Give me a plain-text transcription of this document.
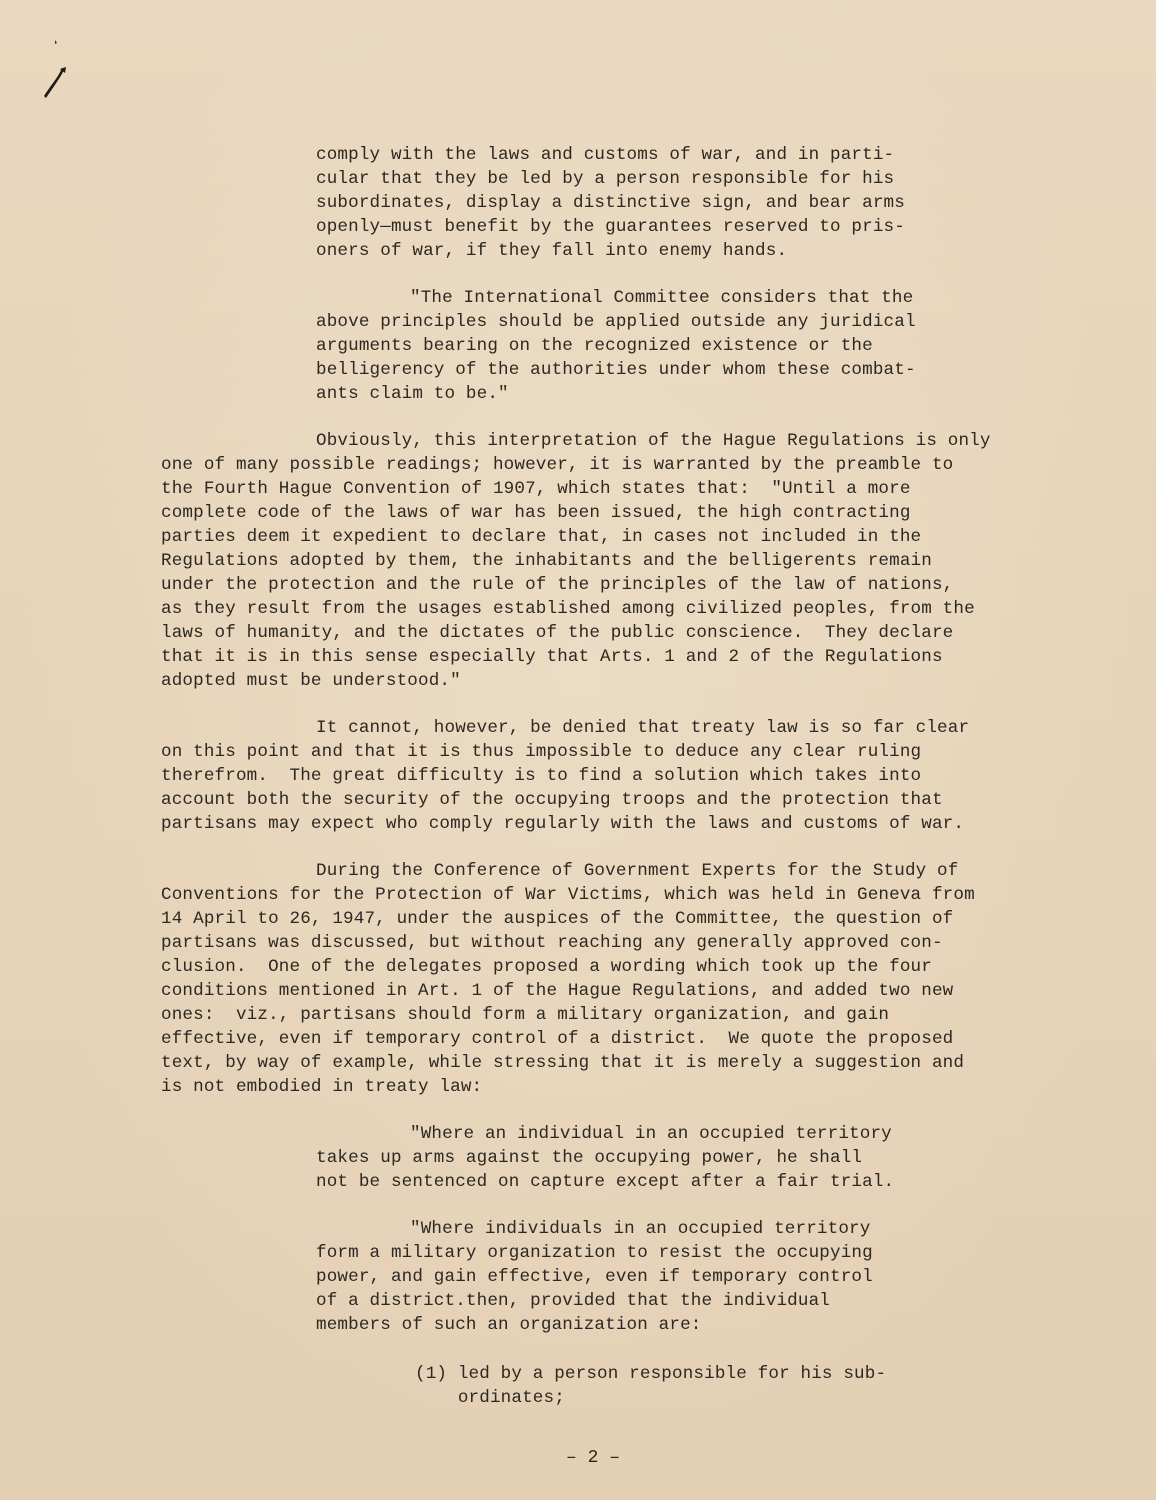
comply with the laws and customs of war, and in parti-
cular that they be led by a person responsible for his
subordinates, display a distinctive sign, and bear arms
openly—must benefit by the guarantees reserved to pris-
oners of war, if they fall into enemy hands.
"The International Committee considers that the
above principles should be applied outside any juridical
arguments bearing on the recognized existence or the
belligerency of the authorities under whom these combat-
ants claim to be."
Obviously, this interpretation of the Hague Regulations is only
one of many possible readings; however, it is warranted by the preamble to
the Fourth Hague Convention of 1907, which states that:  "Until a more
complete code of the laws of war has been issued, the high contracting
parties deem it expedient to declare that, in cases not included in the
Regulations adopted by them, the inhabitants and the belligerents remain
under the protection and the rule of the principles of the law of nations,
as they result from the usages established among civilized peoples, from the
laws of humanity, and the dictates of the public conscience.  They declare
that it is in this sense especially that Arts. 1 and 2 of the Regulations
adopted must be understood."
It cannot, however, be denied that treaty law is so far clear
on this point and that it is thus impossible to deduce any clear ruling
therefrom.  The great difficulty is to find a solution which takes into
account both the security of the occupying troops and the protection that
partisans may expect who comply regularly with the laws and customs of war.
During the Conference of Government Experts for the Study of
Conventions for the Protection of War Victims, which was held in Geneva from
14 April to 26, 1947, under the auspices of the Committee, the question of
partisans was discussed, but without reaching any generally approved con-
clusion.  One of the delegates proposed a wording which took up the four
conditions mentioned in Art. 1 of the Hague Regulations, and added two new
ones:  viz., partisans should form a military organization, and gain
effective, even if temporary control of a district.  We quote the proposed
text, by way of example, while stressing that it is merely a suggestion and
is not embodied in treaty law:
"Where an individual in an occupied territory
takes up arms against the occupying power, he shall
not be sentenced on capture except after a fair trial.
"Where individuals in an occupied territory
form a military organization to resist the occupying
power, and gain effective, even if temporary control
of a district.then, provided that the individual
members of such an organization are:
(1) led by a person responsible for his sub-
ordinates;
– 2 –
